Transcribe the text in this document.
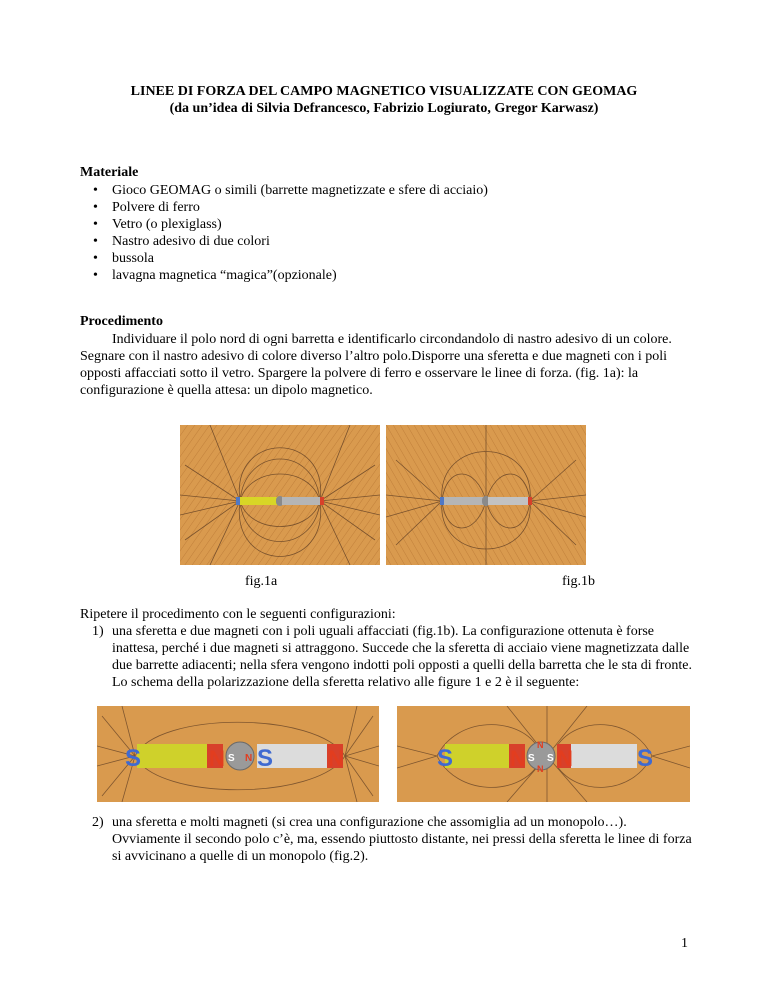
LINEE DI FORZA DEL CAMPO MAGNETICO VISUALIZZATE CON GEOMAG
(da un’idea di Silvia Defrancesco, Fabrizio Logiurato, Gregor Karwasz)
Materiale
• Gioco GEOMAG o simili (barrette magnetizzate e sfere di acciaio)
• Polvere di ferro
• Vetro (o plexiglass)
• Nastro adesivo di due colori
• bussola
• lavagna magnetica “magica”(opzionale)
Procedimento
Individuare il polo nord di ogni barretta e identificarlo circondandolo di nastro adesivo di un colore. Segnare con il nastro adesivo di colore diverso l’altro polo.Disporre una sferetta e due magneti con i poli opposti affacciati sotto il vetro. Spargere la polvere di ferro e osservare le linee di forza. (fig. 1a): la configurazione è quella attesa: un dipolo magnetico.
fig.1a	fig.1b
Ripetere il procedimento con le seguenti configurazioni:
1) una sferetta e due magneti con i poli uguali affacciati (fig.1b). La configurazione ottenuta è forse inattesa, perché i due magneti si attraggono. Succede che la sferetta di acciaio viene magnetizzata dalle due barrette adiacenti; nella sfera vengono indotti poli opposti a quelli della barretta che le sta di fronte. Lo schema della polarizzazione della sferetta relativo alle figure 1 e 2 è il seguente:
S	N S N S N	S	N S S
N
N N	S
2) una sferetta e molti magneti (si crea una configurazione che assomiglia ad un monopolo…). Ovviamente il secondo polo c’è, ma, essendo piuttosto distante, nei pressi della sferetta le linee di forza si avvicinano a quelle di un monopolo (fig.2).
1
